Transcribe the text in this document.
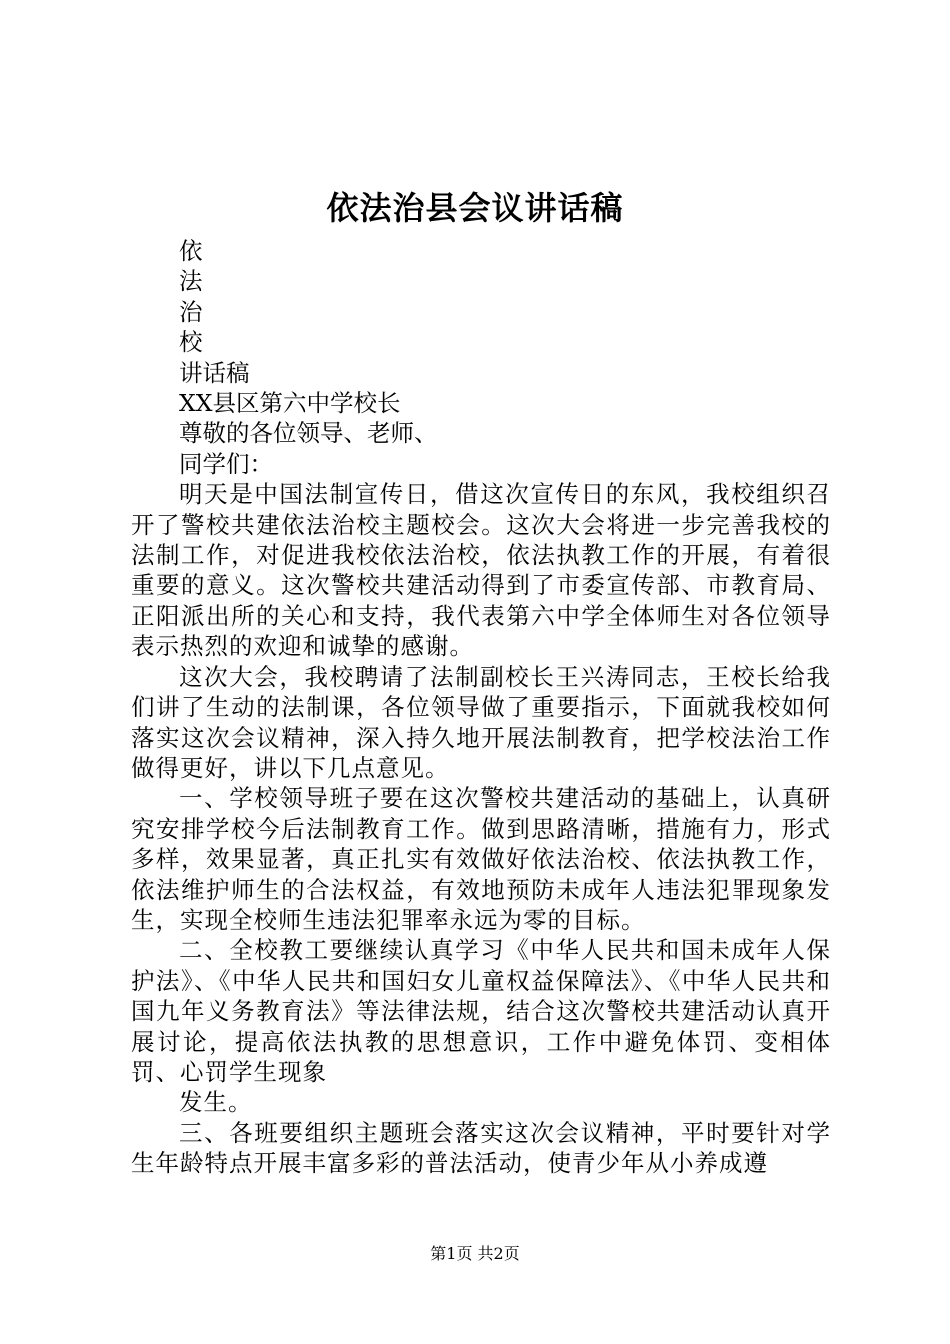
依法治县会议讲话稿

依

法

治

校

讲话稿

XX县区第六中学校长

尊敬的各位领导、老师、

同学们：

明天是中国法制宣传日，借这次宣传日的东风，我校组织召开了警校共建依法治校主题校会。这次大会将进一步完善我校的法制工作，对促进我校依法治校，依法执教工作的开展，有着很重要的意义。这次警校共建活动得到了市委宣传部、市教育局、正阳派出所的关心和支持，我代表第六中学全体师生对各位领导表示热烈的欢迎和诚挚的感谢。

这次大会，我校聘请了法制副校长王兴涛同志，王校长给我们讲了生动的法制课，各位领导做了重要指示，下面就我校如何落实这次会议精神，深入持久地开展法制教育，把学校法治工作做得更好，讲以下几点意见。

一、学校领导班子要在这次警校共建活动的基础上，认真研究安排学校今后法制教育工作。做到思路清晰，措施有力，形式多样，效果显著，真正扎实有效做好依法治校、依法执教工作，依法维护师生的合法权益，有效地预防未成年人违法犯罪现象发生，实现全校师生违法犯罪率永远为零的目标。

二、全校教工要继续认真学习《中华人民共和国未成年人保护法》、《中华人民共和国妇女儿童权益保障法》、《中华人民共和国九年义务教育法》等法律法规，结合这次警校共建活动认真开展讨论，提高依法执教的思想意识，工作中避免体罚、变相体罚、心罚学生现象

发生。

三、各班要组织主题班会落实这次会议精神，平时要针对学生年龄特点开展丰富多彩的普法活动，使青少年从小养成遵

第1页 共2页
